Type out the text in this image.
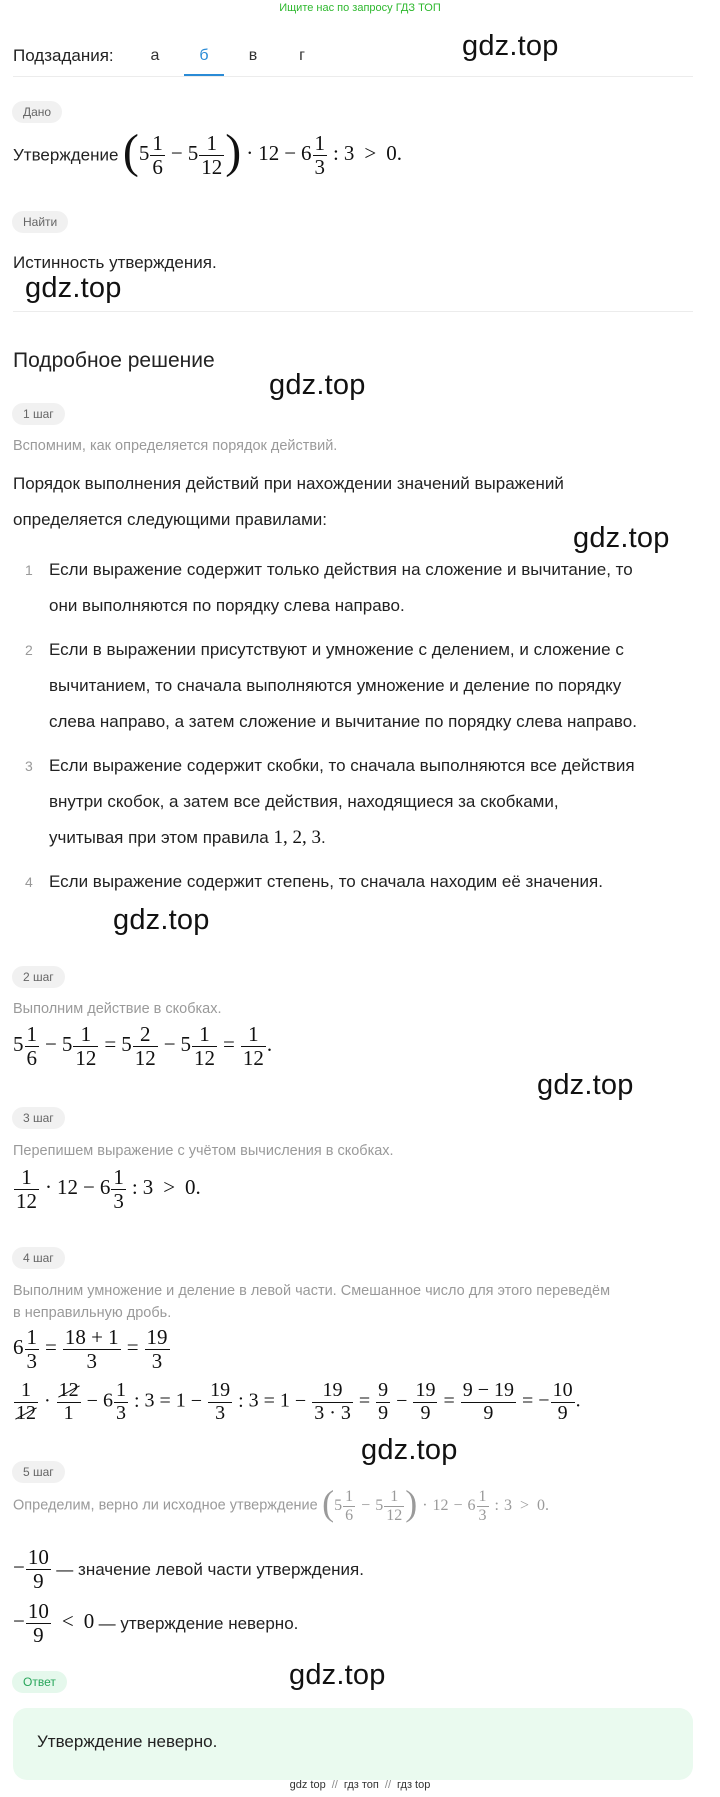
Ищите нас по запросу ГДЗ ТОП
gdz.top
gdz.top
gdz.top
gdz.top
gdz.top
gdz.top
gdz.top
gdz.top
Подзадания:	а	б	в	г
Дано
Утверждение ($5 \frac{1}{6} - 5 \frac{1}{12}$ ) · $12 - 6 \frac{1}{3}$ : 3 > 0.
Найти
Истинность утверждения.
Подробное решение
1 шаг
Вспомним, как определяется порядок действий.
Порядок выполнения действий при нахождении значений выражений
определяется следующими правилами:
1 Если выражение содержит только действия на сложение и вычитание, то
они выполняются по порядку слева направо.
2 Если в выражении присутствуют и умножение с делением, и сложение с
вычитанием, то сначала выполняются умножение и деление по порядку
слева направо, а затем сложение и вычитание по порядку слева направо.
3 Если выражение содержит скобки, то сначала выполняются все действия
внутри скобок, а затем все действия, находящиеся за скобками,
учитывая при этом правила 1, 2, 3.
4 Если выражение содержит степень, то сначала находим её значения.
2 шаг
Выполним действие в скобках.
$5 \frac{1}{6} - 5 \frac{1}{12} = 5 \frac{2}{12} - 5 \frac{1}{12} = \frac{1}{12}$ .
3 шаг
Перепишем выражение с учётом вычисления в скобках.
$\frac{1}{12} \cdot 12 - 6 \frac{1}{3}$ : 3 > 0.
4 шаг
Выполним умножение и деление в левой части. Смешанное число для этого переведём
в неправильную дробь.
$6 \frac{1}{3} = \frac{18 + 1}{3} = \frac{19}{3}$
$\frac{1}{12} \cdot \frac{12}{1} - 6 \frac{1}{3}$ : $3 = 1 - \frac{19}{3}$ : $3 = 1 - \frac{19}{3 \cdot 3} = \frac{9}{9} - \frac{19}{9} = \frac{9 - 19}{9}$ = − $\frac{10}{9}$ .
5 шаг
Определим, верно ли исходное утверждение ($5 \frac{1}{6} - 5 \frac{1}{12}$ ) · $12 - 6 \frac{1}{3}$ : 3 > 0.
− $\frac{10}{9}$ — значение левой части утверждения.
− $\frac{10}{9} < 0$ — утверждение неверно.
Ответ
Утверждение неверно.
gdz top // гдз топ // гдз top
